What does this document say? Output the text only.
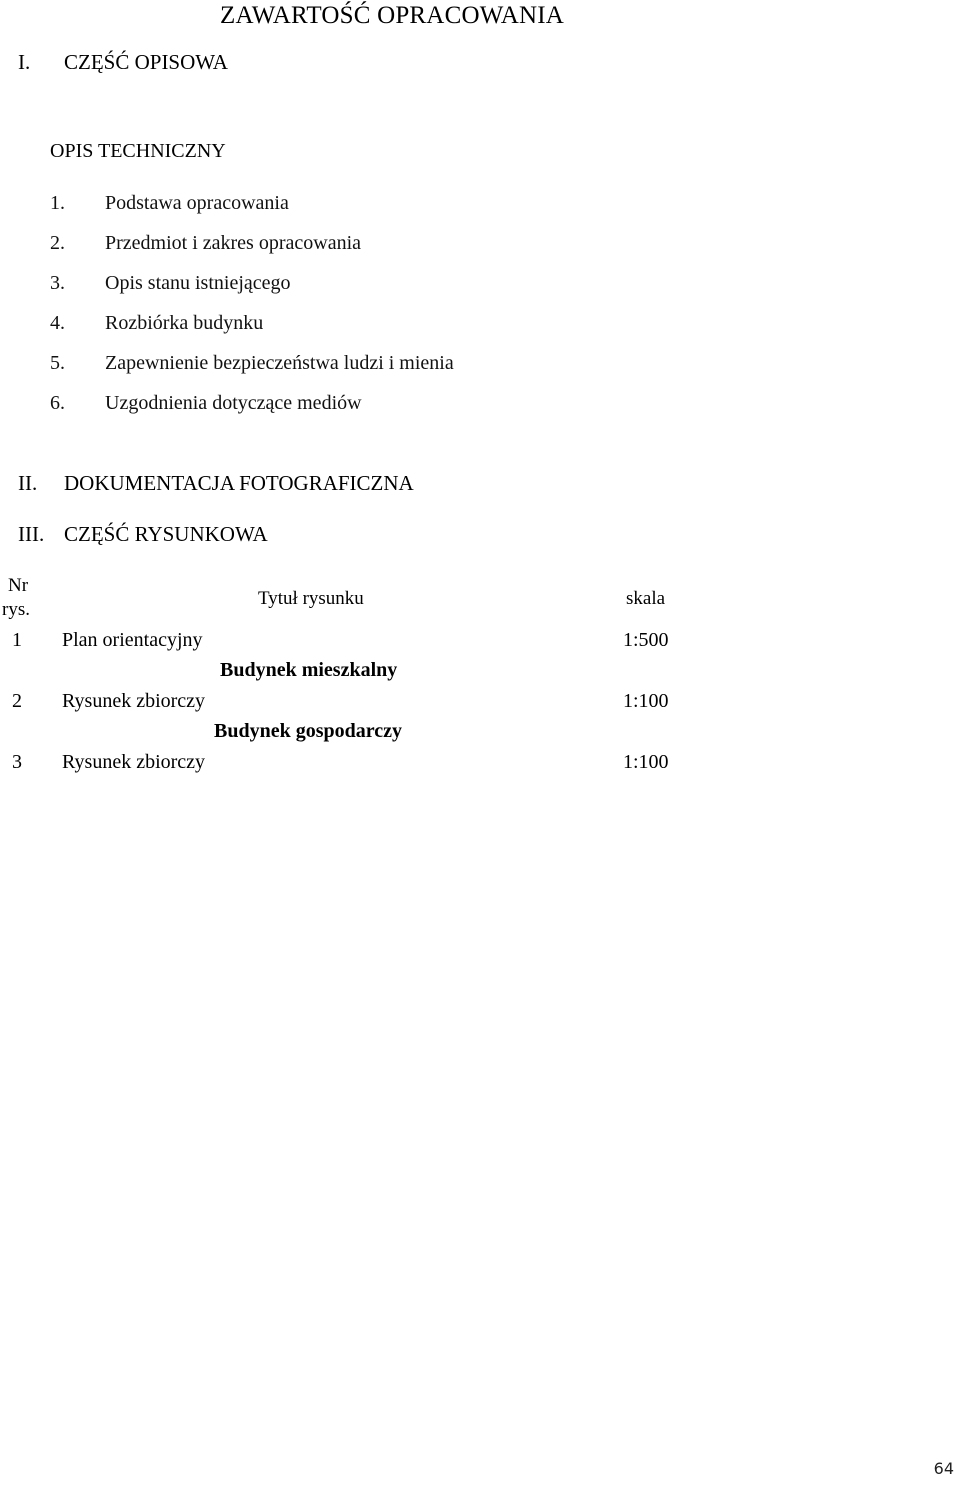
ZAWARTOŚĆ OPRACOWANIA
I. CZĘŚĆ OPISOWA
OPIS TECHNICZNY
1. Podstawa opracowania
2. Przedmiot i zakres opracowania
3. Opis stanu istniejącego
4. Rozbiórka budynku
5. Zapewnienie bezpieczeństwa ludzi i mienia
6. Uzgodnienia dotyczące mediów
II. DOKUMENTACJA FOTOGRAFICZNA
III. CZĘŚĆ RYSUNKOWA
Nr
rys.
Tytuł rysunku	skala
1 Plan orientacyjny	1:500
Budynek mieszkalny
2 Rysunek zbiorczy	1:100
Budynek gospodarczy
3 Rysunek zbiorczy	1:100
64
